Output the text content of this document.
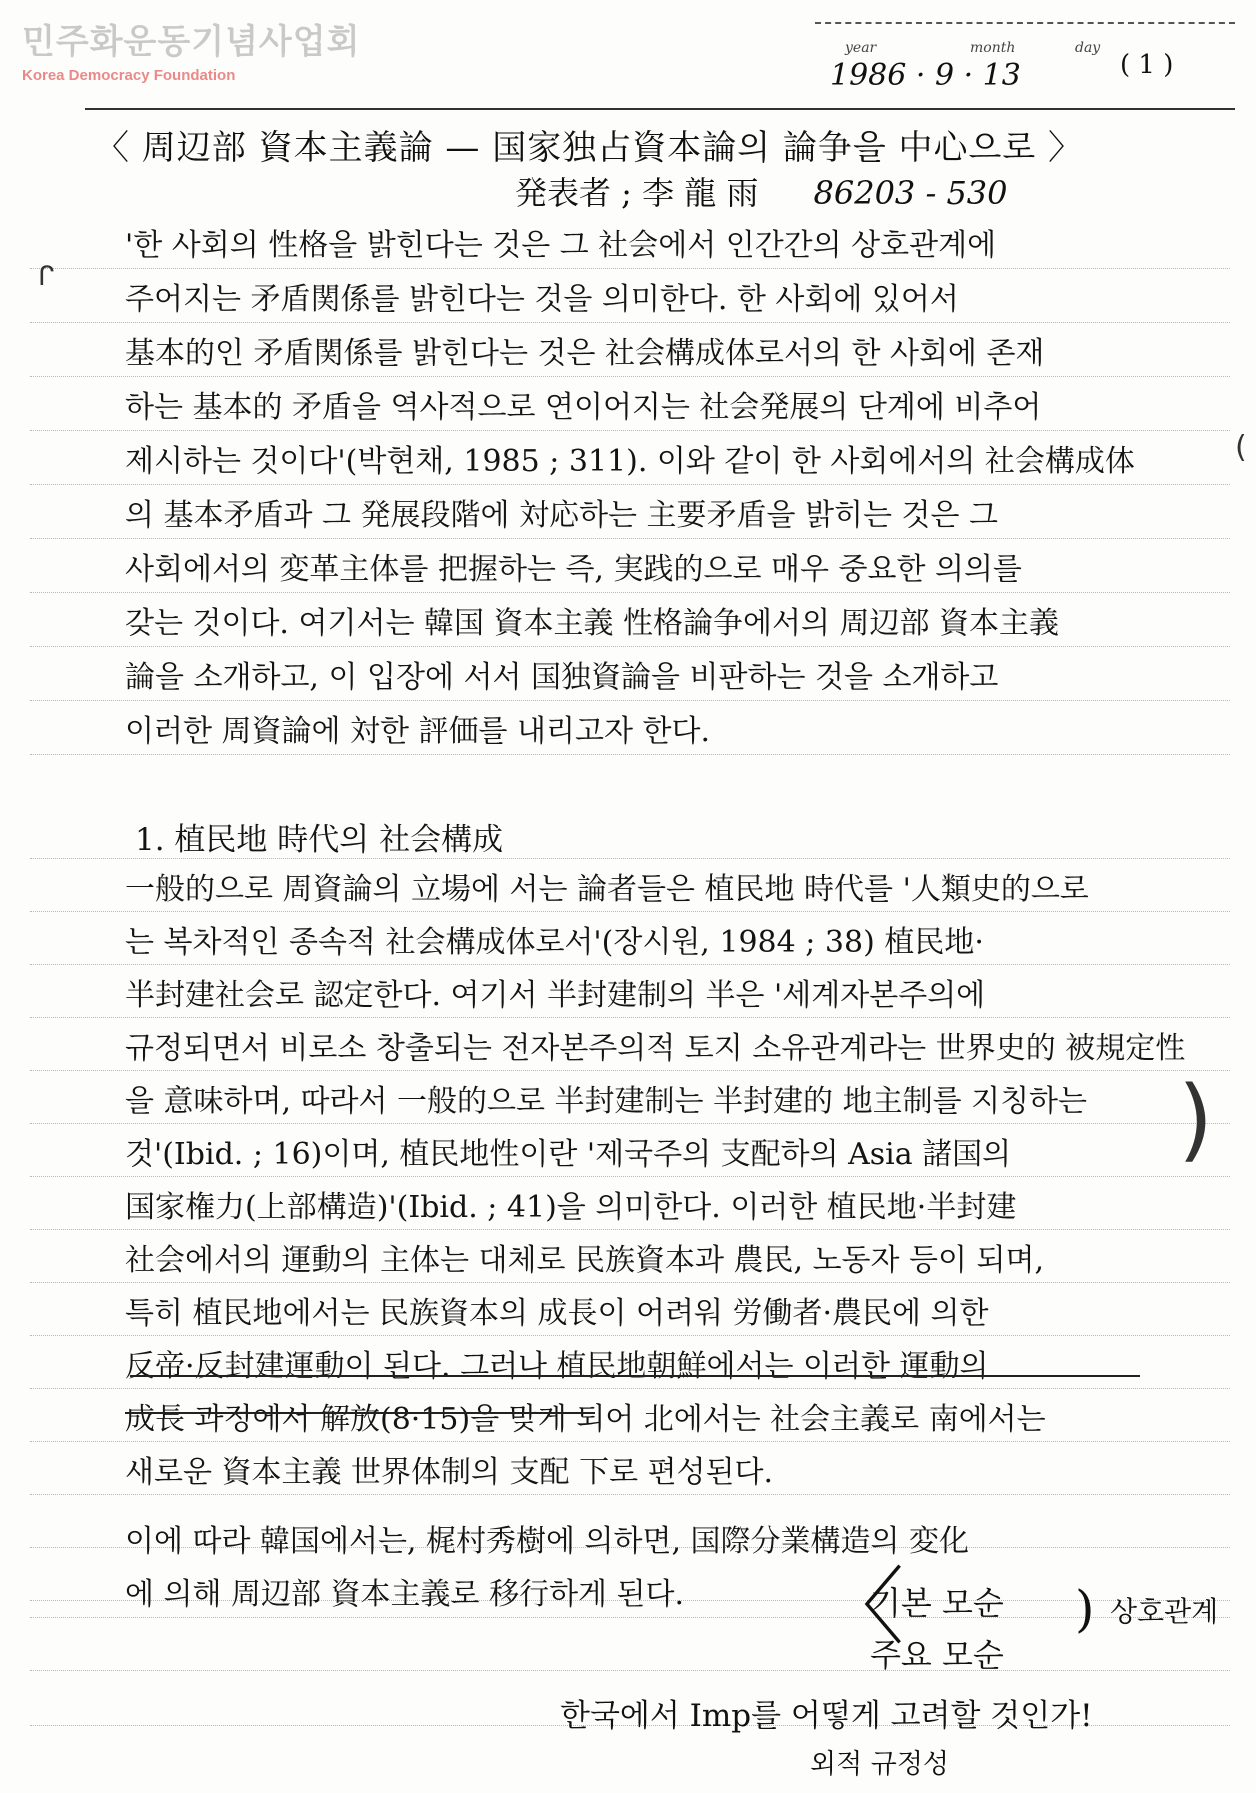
민주화운동기념사업회
Korea Democracy Foundation
year	month	day
1986 · 9 · 13	( 1 )
〈 周辺部 資本主義論 — 国家独占資本論의 論争을 中心으로 〉
発表者 ; 李 龍 雨 86203 - 530
'한 사회의 性格을 밝힌다는 것은 그 社会에서 인간간의 상호관계에
주어지는 矛盾関係를 밝힌다는 것을 의미한다. 한 사회에 있어서
基本的인 矛盾関係를 밝힌다는 것은 社会構成体로서의 한 사회에 존재
하는 基本的 矛盾을 역사적으로 연이어지는 社会発展의 단계에 비추어
제시하는 것이다'(박현채, 1985 ; 311). 이와 같이 한 사회에서의 社会構成体
의 基本矛盾과 그 発展段階에 対応하는 主要矛盾을 밝히는 것은 그
사회에서의 変革主体를 把握하는 즉, 実践的으로 매우 중요한 의의를
갖는 것이다. 여기서는 韓国 資本主義 性格論争에서의 周辺部 資本主義
論을 소개하고, 이 입장에 서서 国独資論을 비판하는 것을 소개하고
이러한 周資論에 対한 評価를 내리고자 한다.
1. 植民地 時代의 社会構成
一般的으로 周資論의 立場에 서는 論者들은 植民地 時代를 '人類史的으로
는 복차적인 종속적 社会構成体로서'(장시원, 1984 ; 38) 植民地·
半封建社会로 認定한다. 여기서 半封建制의 半은 '세계자본주의에
규정되면서 비로소 창출되는 전자본주의적 토지 소유관계라는 世界史的 被規定性
을 意味하며, 따라서 一般的으로 半封建制는 半封建的 地主制를 지칭하는
것'(Ibid. ; 16)이며, 植民地性이란 '제국주의 支配하의 Asia 諸国의
国家権力(上部構造)'(Ibid. ; 41)을 의미한다. 이러한 植民地·半封建
社会에서의 運動의 主体는 대체로 民族資本과 農民, 노동자 등이 되며,
특히 植民地에서는 民族資本의 成長이 어려워 労働者·農民에 의한
反帝·反封建運動이 된다. 그러나 植民地朝鮮에서는 이러한 運動의
成長 과정에서 解放(8·15)을 맞게 되어 北에서는 社会主義로 南에서는
새로운 資本主義 世界体制의 支配 下로 편성된다.
이에 따라 韓国에서는, 梶村秀樹에 의하면, 国際分業構造의 変化
에 의해 周辺部 資本主義로 移行하게 된다.	〈
기본 모순
주요 모순
) 상호관계
한국에서 Imp를 어떻게 고려할 것인가!
외적 규정성
ᒋ
(
)
